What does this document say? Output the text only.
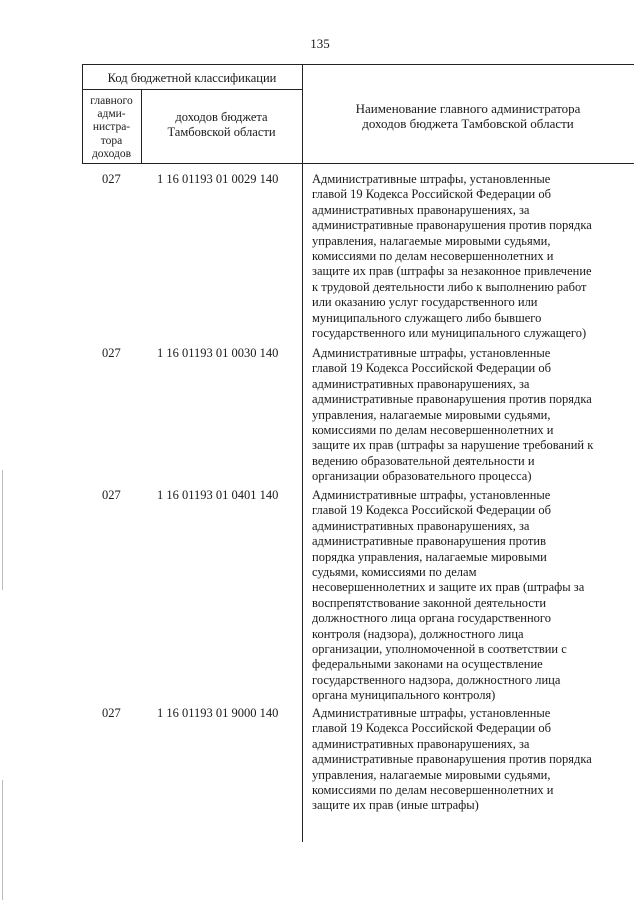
135
Код бюджетной классификации
главного
адми-
нистра-
тора
доходов
доходов бюджета
Тамбовской области
Наименование главного администратора
доходов бюджета Тамбовской области
027	1 16 01193 01 0029 140	Административные штрафы, установленные
главой 19 Кодекса Российской Федерации об
административных правонарушениях, за
административные правонарушения против порядка
управления, налагаемые мировыми судьями,
комиссиями по делам несовершеннолетних и
защите их прав (штрафы за незаконное привлечение
к трудовой деятельности либо к выполнению работ
или оказанию услуг государственного или
муниципального служащего либо бывшего
государственного или муниципального служащего)
027	1 16 01193 01 0030 140	Административные штрафы, установленные
главой 19 Кодекса Российской Федерации об
административных правонарушениях, за
административные правонарушения против порядка
управления, налагаемые мировыми судьями,
комиссиями по делам несовершеннолетних и
защите их прав (штрафы за нарушение требований к
ведению образовательной деятельности и
организации образовательного процесса)
027	1 16 01193 01 0401 140	Административные штрафы, установленные
главой 19 Кодекса Российской Федерации об
административных правонарушениях, за
административные правонарушения против
порядка управления, налагаемые мировыми
судьями, комиссиями по делам
несовершеннолетних и защите их прав (штрафы за
воспрепятствование законной деятельности
должностного лица органа государственного
контроля (надзора), должностного лица
организации, уполномоченной в соответствии с
федеральными законами на осуществление
государственного надзора, должностного лица
органа муниципального контроля)
027	1 16 01193 01 9000 140	Административные штрафы, установленные
главой 19 Кодекса Российской Федерации об
административных правонарушениях, за
административные правонарушения против порядка
управления, налагаемые мировыми судьями,
комиссиями по делам несовершеннолетних и
защите их прав (иные штрафы)
